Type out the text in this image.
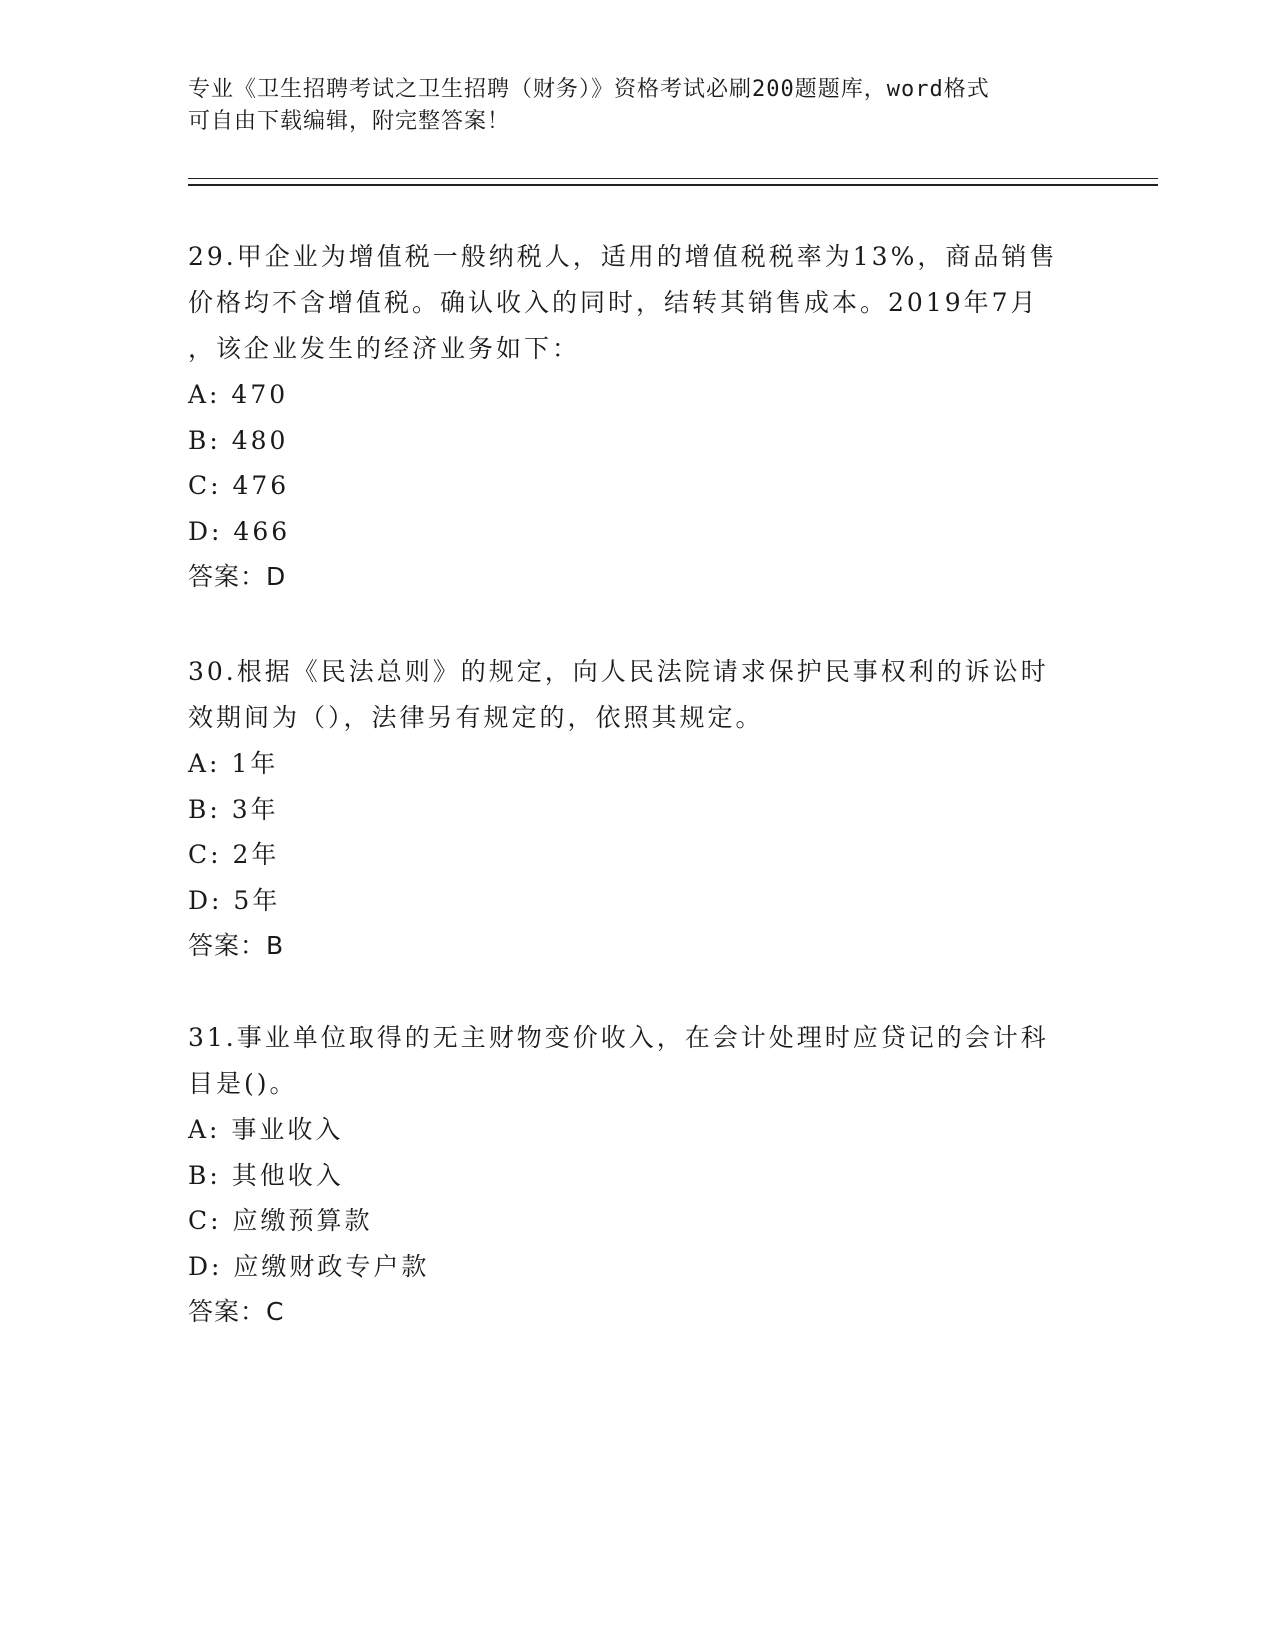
专业《卫生招聘考试之卫生招聘（财务）》资格考试必刷200题题库，word格式
可自由下载编辑，附完整答案！
29.甲企业为增值税一般纳税人，适用的增值税税率为13%，商品销售
价格均不含增值税。确认收入的同时，结转其销售成本。2019年7月
，该企业发生的经济业务如下：
A: 470
B: 480
C: 476
D: 466
答案：D
30.根据《民法总则》的规定，向人民法院请求保护民事权利的诉讼时
效期间为（），法律另有规定的，依照其规定。
A: 1年
B: 3年
C: 2年
D: 5年
答案：B
31.事业单位取得的无主财物变价收入，在会计处理时应贷记的会计科
目是()。
A: 事业收入
B: 其他收入
C: 应缴预算款
D: 应缴财政专户款
答案：C
